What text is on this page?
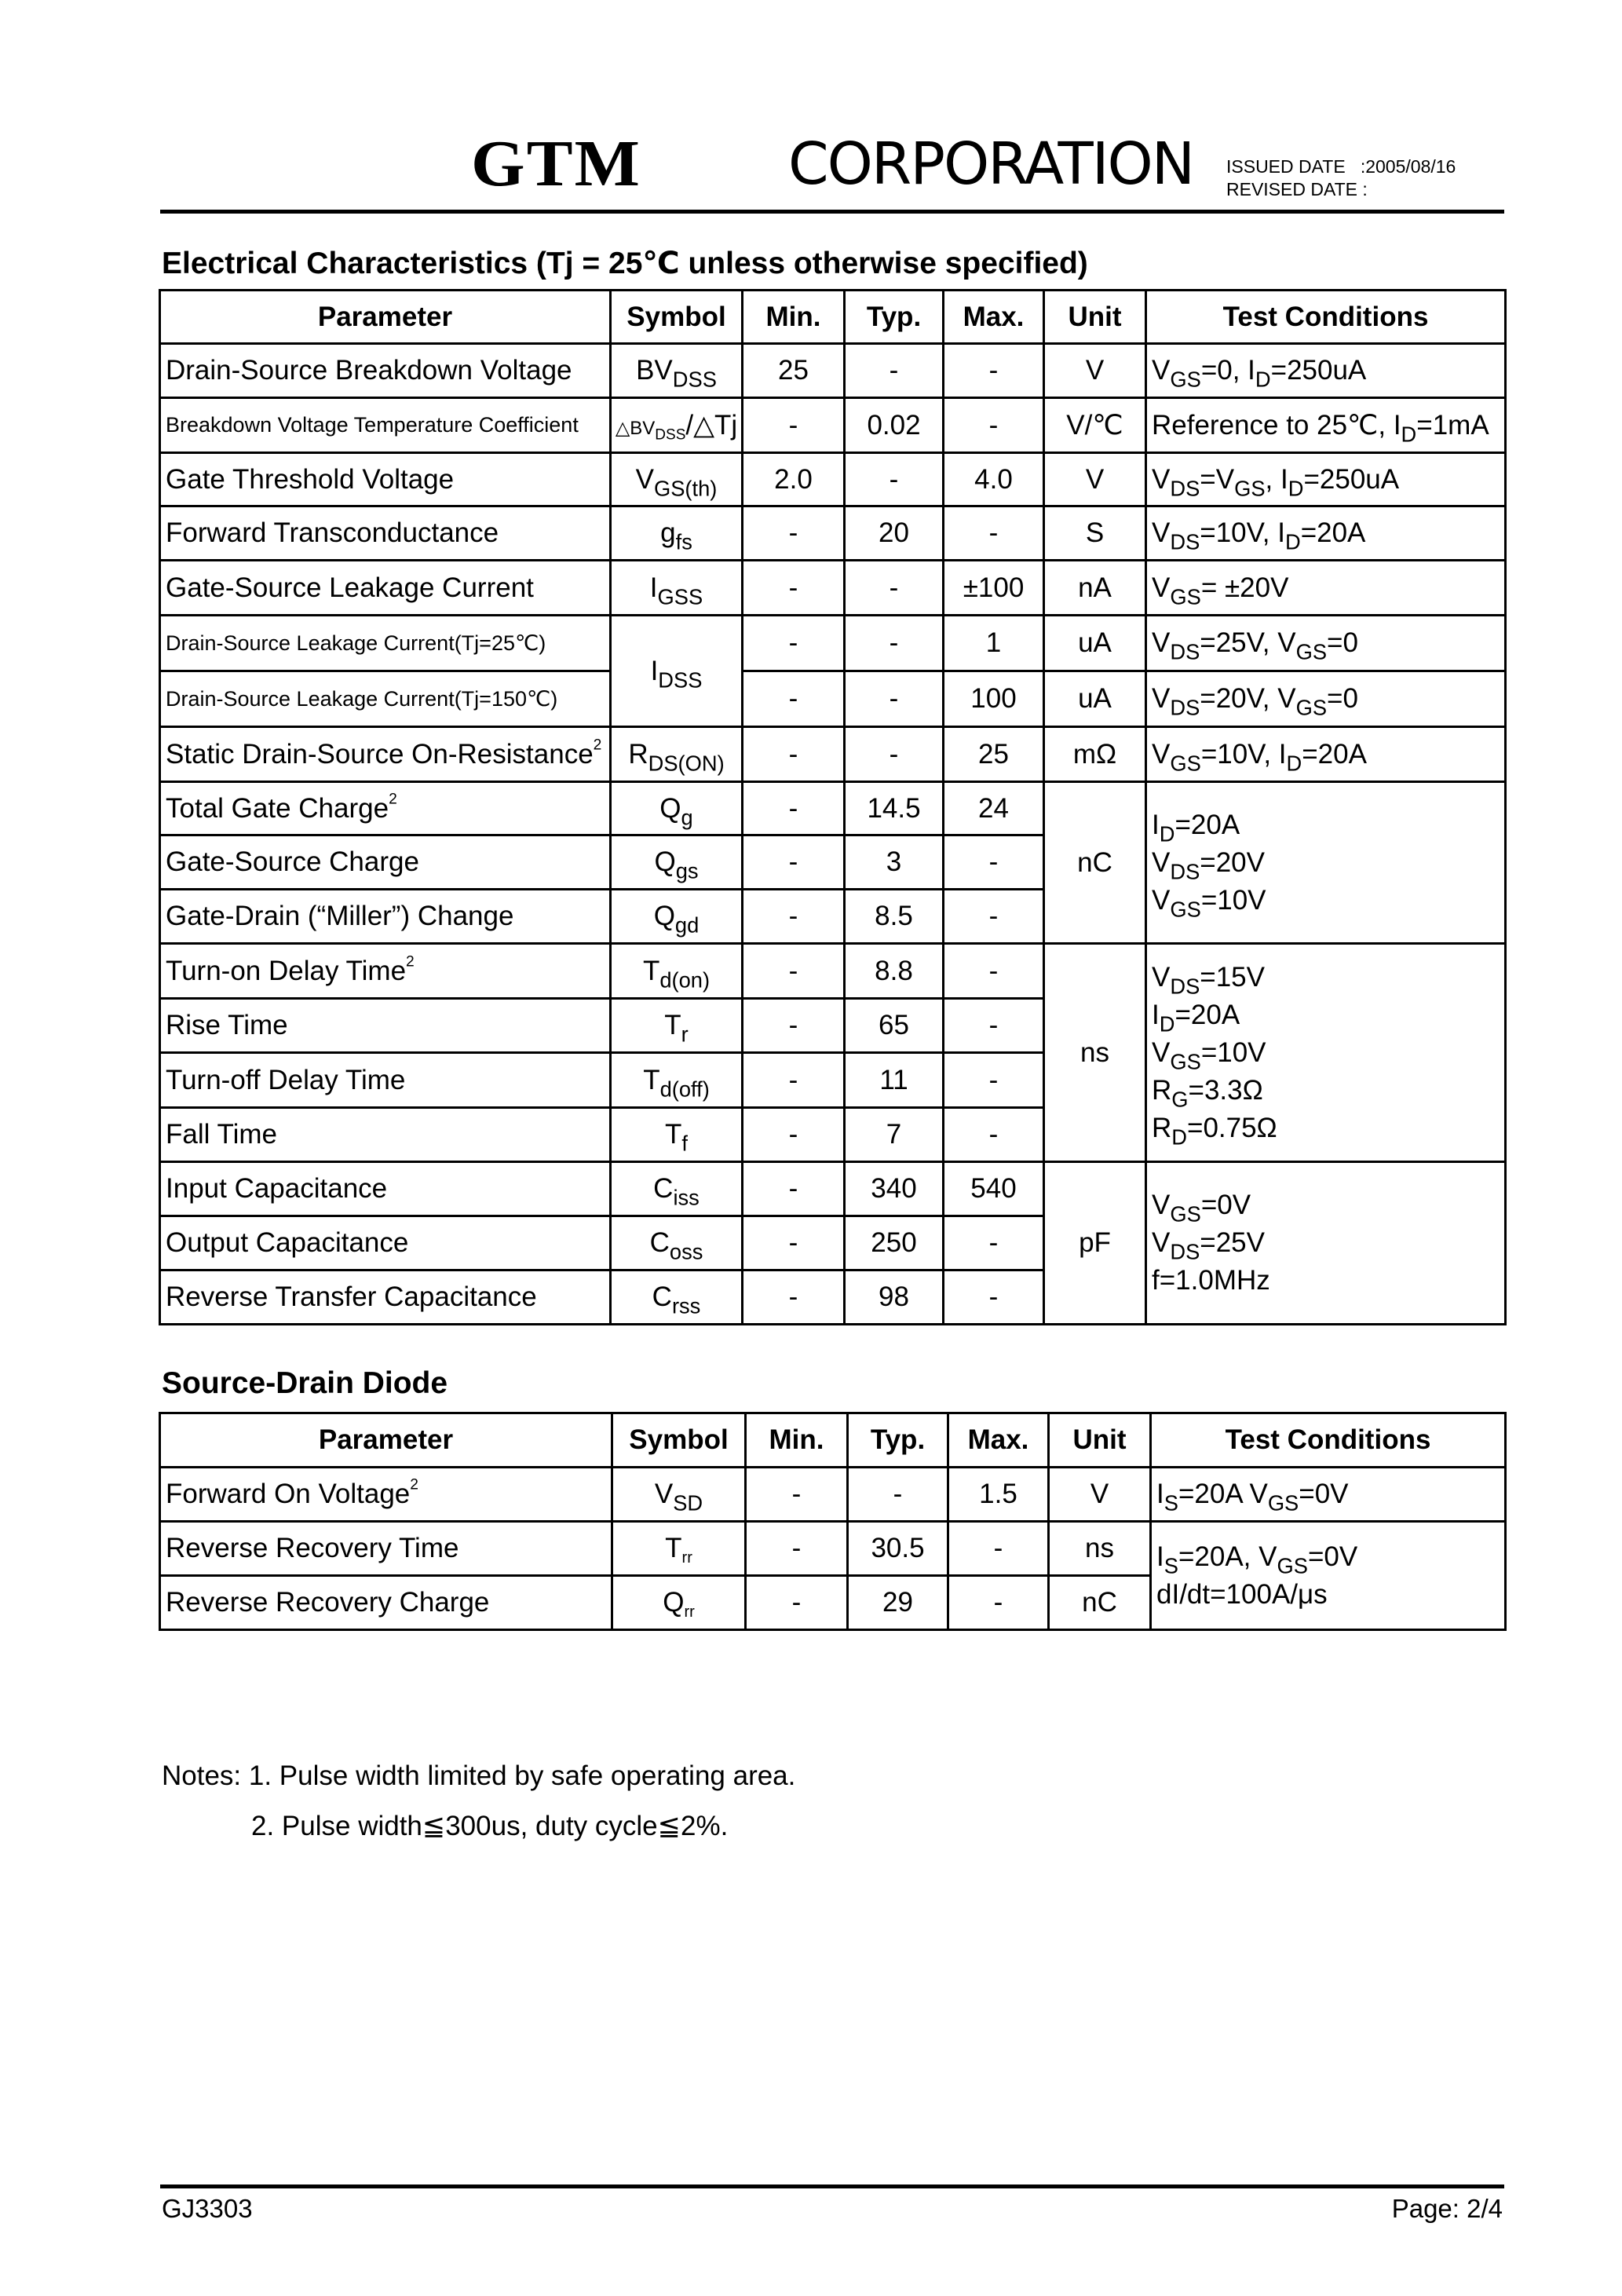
GTM	CORPORATION ISSUED DATE :2005/08/16
REVISED DATE :
Electrical Characteristics (Tj = 25℃ unless otherwise specified)
Parameter	Symbol	Min.	Typ.	Max.	Unit	Test Conditions
Drain-Source Breakdown Voltage	$BV_{DSS}$	25	-	-	V	$V_{GS}=0$, $I_D=250uA$
Breakdown Voltage Temperature Coefficient	$\triangle BV_{DSS}/\triangle Tj$	-	0.02	-	V/℃	Reference to 25℃, $I_D=1mA$
Gate Threshold Voltage	$V_{GS(th)}$	2.0	-	4.0	V	$V_{DS}=V_{GS}$, $I_D=250uA$
Forward Transconductance	$g_{fs}$	-	20	-	S	$V_{DS}=10V$, $I_D=20A$
Gate-Source Leakage Current	$I_{GSS}$	-	-	±100	nA	$V_{GS}= \pm 20V$
Drain-Source Leakage Current(Tj=25℃)	$I_{DSS}$	-	-	1	uA	$V_{DS}=25V$, $V_{GS}=0$
Drain-Source Leakage Current(Tj=150℃)		-	-	100	uA	$V_{DS}=20V$, $V_{GS}=0$
Static Drain-Source On-Resistance$^2$	$R_{DS(ON)}$	-	-	25	mΩ	$V_{GS}=10V$, $I_D=20A$
Total Gate Charge$^2$	$Q_g$	-	14.5	24	nC	$I_D=20A$
$V_{DS}=20V$
$V_{GS}=10V$

Gate-Source Charge	$Q_{gs}$	-	3	-		
Gate-Drain (“Miller”) Change	$Q_{gd}$	-	8.5	-		
Turn-on Delay Time$^2$	$T_{d(on)}$	-	8.8	-	ns	$V_{DS}=15V$
$I_D=20A$
$V_{GS}=10V$
$R_G=3.3\Omega$
$R_D=0.75\Omega$

Rise Time	$T_r$	-	65	-		
Turn-off Delay Time	$T_{d(off)}$	-	11	-		
Fall Time	$T_f$	-	7	-		
Input Capacitance	$C_{iss}$	-	340	540	pF	$V_{GS}=0V$
$V_{DS}=25V$
f=1.0MHz

Output Capacitance	$C_{oss}$	-	250	-		
Reverse Transfer Capacitance	$C_{rss}$	-	98	-		
Source-Drain Diode
Parameter	Symbol	Min.	Typ.	Max.	Unit	Test Conditions
Forward On Voltage$^2$	$V_{SD}$	-	-	1.5	V	$I_S=20A$ $V_{GS}=0V$
Reverse Recovery Time	$T_{rr}$	-	30.5	-	ns	$I_S=20A$, $V_{GS}=0V$
dI/dt=100A/μs

Reverse Recovery Charge	$Q_{rr}$	-	29	-	nC	
Notes: 1. Pulse width limited by safe operating area.
2. Pulse width≦300us, duty cycle≦2%.
GJ3303	Page: 2/4
